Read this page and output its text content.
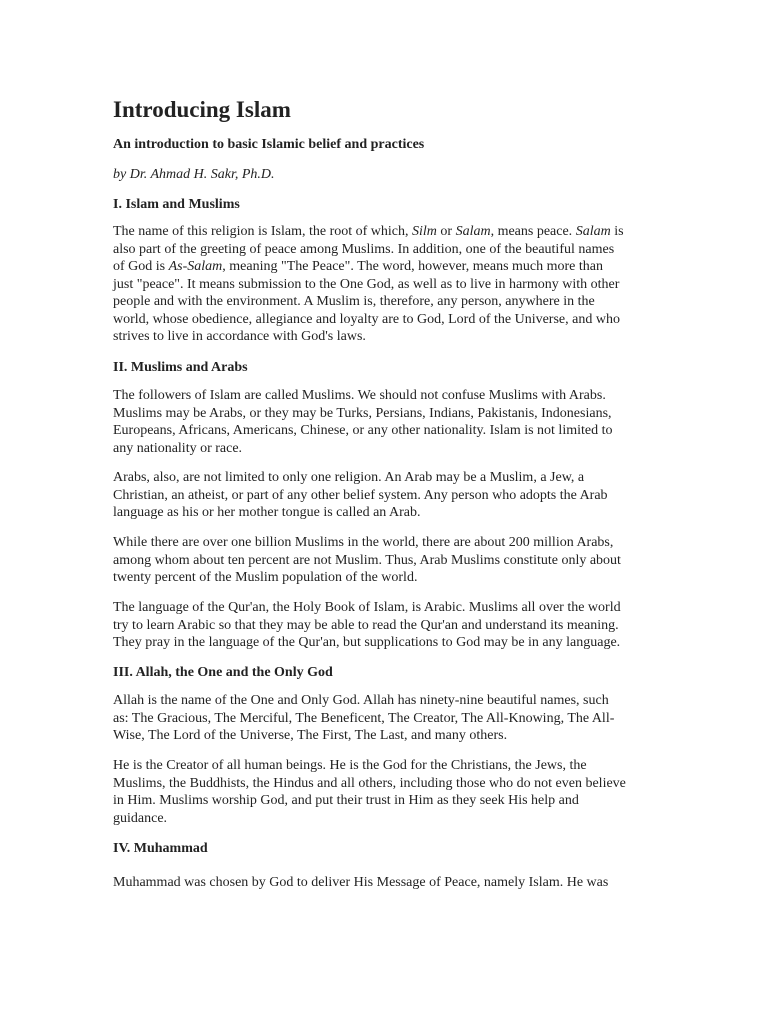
Introducing Islam

An introduction to basic Islamic belief and practices

by Dr. Ahmad H. Sakr, Ph.D.

I. Islam and Muslims
The name of this religion is Islam, the root of which, Silm or Salam, means peace. Salam is
also part of the greeting of peace among Muslims. In addition, one of the beautiful names
of God is As-Salam, meaning "The Peace". The word, however, means much more than
just "peace". It means submission to the One God, as well as to live in harmony with other
people and with the environment. A Muslim is, therefore, any person, anywhere in the
world, whose obedience, allegiance and loyalty are to God, Lord of the Universe, and who
strives to live in accordance with God's laws.
II. Muslims and Arabs
The followers of Islam are called Muslims. We should not confuse Muslims with Arabs.
Muslims may be Arabs, or they may be Turks, Persians, Indians, Pakistanis, Indonesians,
Europeans, Africans, Americans, Chinese, or any other nationality. Islam is not limited to
any nationality or race.
Arabs, also, are not limited to only one religion. An Arab may be a Muslim, a Jew, a
Christian, an atheist, or part of any other belief system. Any person who adopts the Arab
language as his or her mother tongue is called an Arab.
While there are over one billion Muslims in the world, there are about 200 million Arabs,
among whom about ten percent are not Muslim. Thus, Arab Muslims constitute only about
twenty percent of the Muslim population of the world.
The language of the Qur'an, the Holy Book of Islam, is Arabic. Muslims all over the world
try to learn Arabic so that they may be able to read the Qur'an and understand its meaning.
They pray in the language of the Qur'an, but supplications to God may be in any language.
III. Allah, the One and the Only God
Allah is the name of the One and Only God. Allah has ninety-nine beautiful names, such
as: The Gracious, The Merciful, The Beneficent, The Creator, The All-Knowing, The All-
Wise, The Lord of the Universe, The First, The Last, and many others.
He is the Creator of all human beings. He is the God for the Christians, the Jews, the
Muslims, the Buddhists, the Hindus and all others, including those who do not even believe
in Him. Muslims worship God, and put their trust in Him as they seek His help and
guidance.
IV. Muhammad
Muhammad was chosen by God to deliver His Message of Peace, namely Islam. He was
